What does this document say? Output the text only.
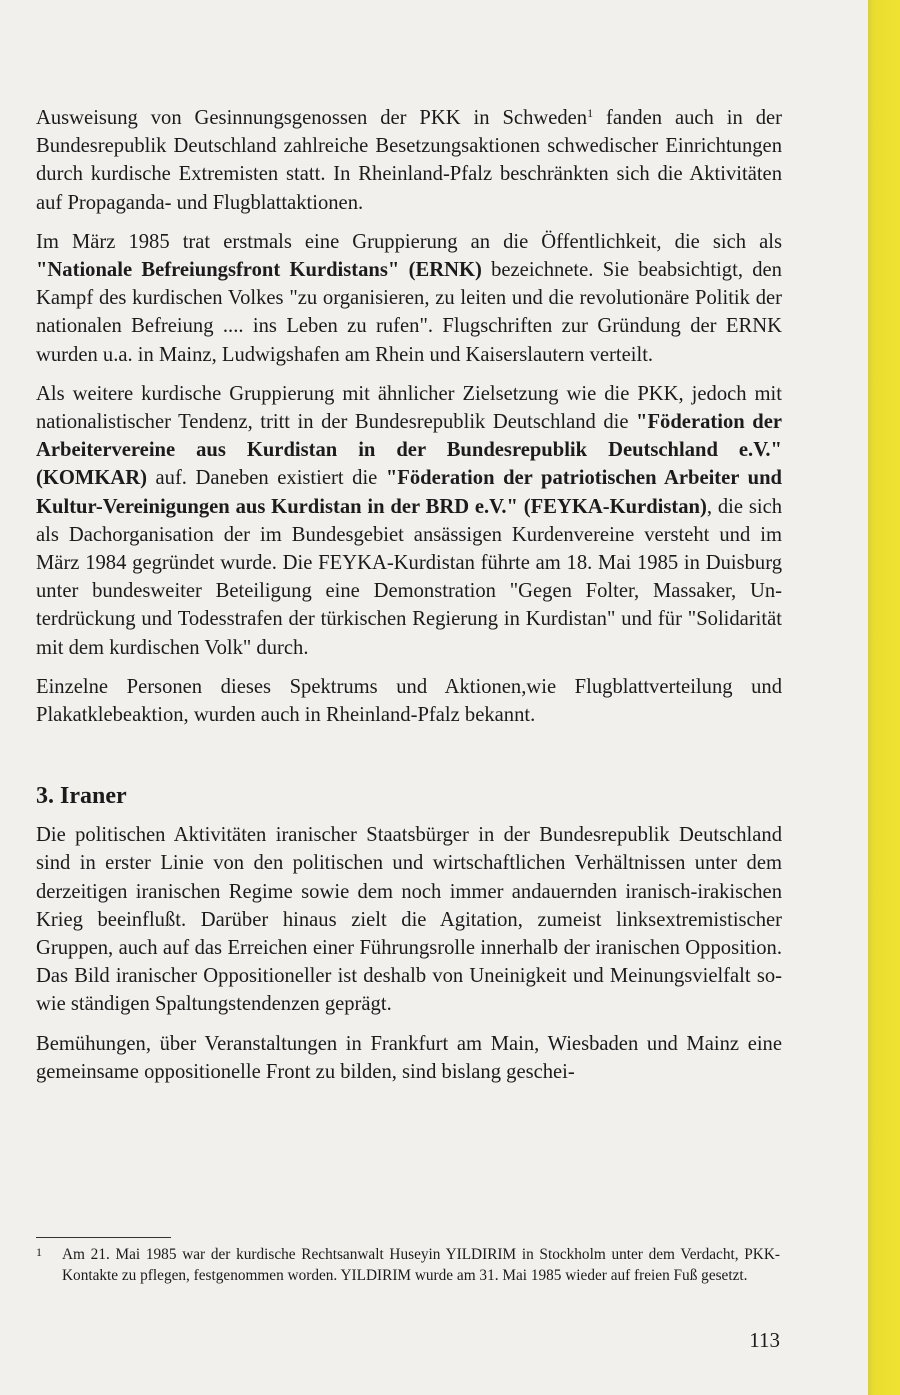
Ausweisung von Gesinnungsgenossen der PKK in Schweden$^1$ fanden auch in der Bundesrepublik Deutschland zahlreiche Besetzungsaktionen schwedischer Einrichtungen durch kurdische Extremisten statt. In Rheinland-Pfalz beschränkten sich die Aktivitäten auf Propaganda- und Flugblattaktionen.

Im März 1985 trat erstmals eine Gruppierung an die Öffentlichkeit, die sich als "Nationale Befreiungsfront Kurdistans" (ERNK) bezeichnete. Sie beabsichtigt, den Kampf des kurdischen Volkes "zu organisieren, zu leiten und die revolutionäre Politik der nationalen Befreiung .... ins Leben zu rufen". Flugschriften zur Gründung der ERNK wurden u.a. in Mainz, Ludwigshafen am Rhein und Kaiserslautern verteilt.

Als weitere kurdische Gruppierung mit ähnlicher Zielsetzung wie die PKK, jedoch mit nationalistischer Tendenz, tritt in der Bundesrepublik Deutschland die "Föderation der Arbeitervereine aus Kurdistan in der Bundesrepublik Deutschland e.V." (KOMKAR) auf. Daneben existiert die "Föderation der patriotischen Arbeiter und Kultur-Vereinigungen aus Kurdistan in der BRD e.V." (FEYKA-Kurdistan), die sich als Dachorganisation der im Bundesgebiet ansässigen Kurdenvereine versteht und im März 1984 gegründet wurde. Die FEYKA-Kurdistan führte am 18. Mai 1985 in Duisburg unter bundesweiter Beteiligung eine Demonstration "Gegen Folter, Massaker, Unterdrückung und Todesstrafen der türkischen Regierung in Kurdistan" und für "Solidarität mit dem kurdischen Volk" durch.

Einzelne Personen dieses Spektrums und Aktionen,wie Flugblattverteilung und Plakatklebeaktion, wurden auch in Rheinland-Pfalz bekannt.

3. Iraner

Die politischen Aktivitäten iranischer Staatsbürger in der Bundesrepublik Deutschland sind in erster Linie von den politischen und wirtschaftlichen Verhältnissen unter dem derzeitigen iranischen Regime sowie dem noch immer andauernden iranisch-irakischen Krieg beeinflußt. Darüber hinaus zielt die Agitation, zumeist linksextremistischer Gruppen, auch auf das Erreichen einer Führungsrolle innerhalb der iranischen Opposition. Das Bild iranischer Oppositioneller ist deshalb von Uneinigkeit und Meinungsvielfalt sowie ständigen Spaltungstendenzen geprägt.

Bemühungen, über Veranstaltungen in Frankfurt am Main, Wiesbaden und Mainz eine gemeinsame oppositionelle Front zu bilden, sind bislang geschei-

1 Am 21. Mai 1985 war der kurdische Rechtsanwalt Huseyin YILDIRIM in Stockholm unter dem Verdacht, PKK-Kontakte zu pflegen, festgenommen worden. YILDIRIM wurde am 31. Mai 1985 wieder auf freien Fuß gesetzt.
113
